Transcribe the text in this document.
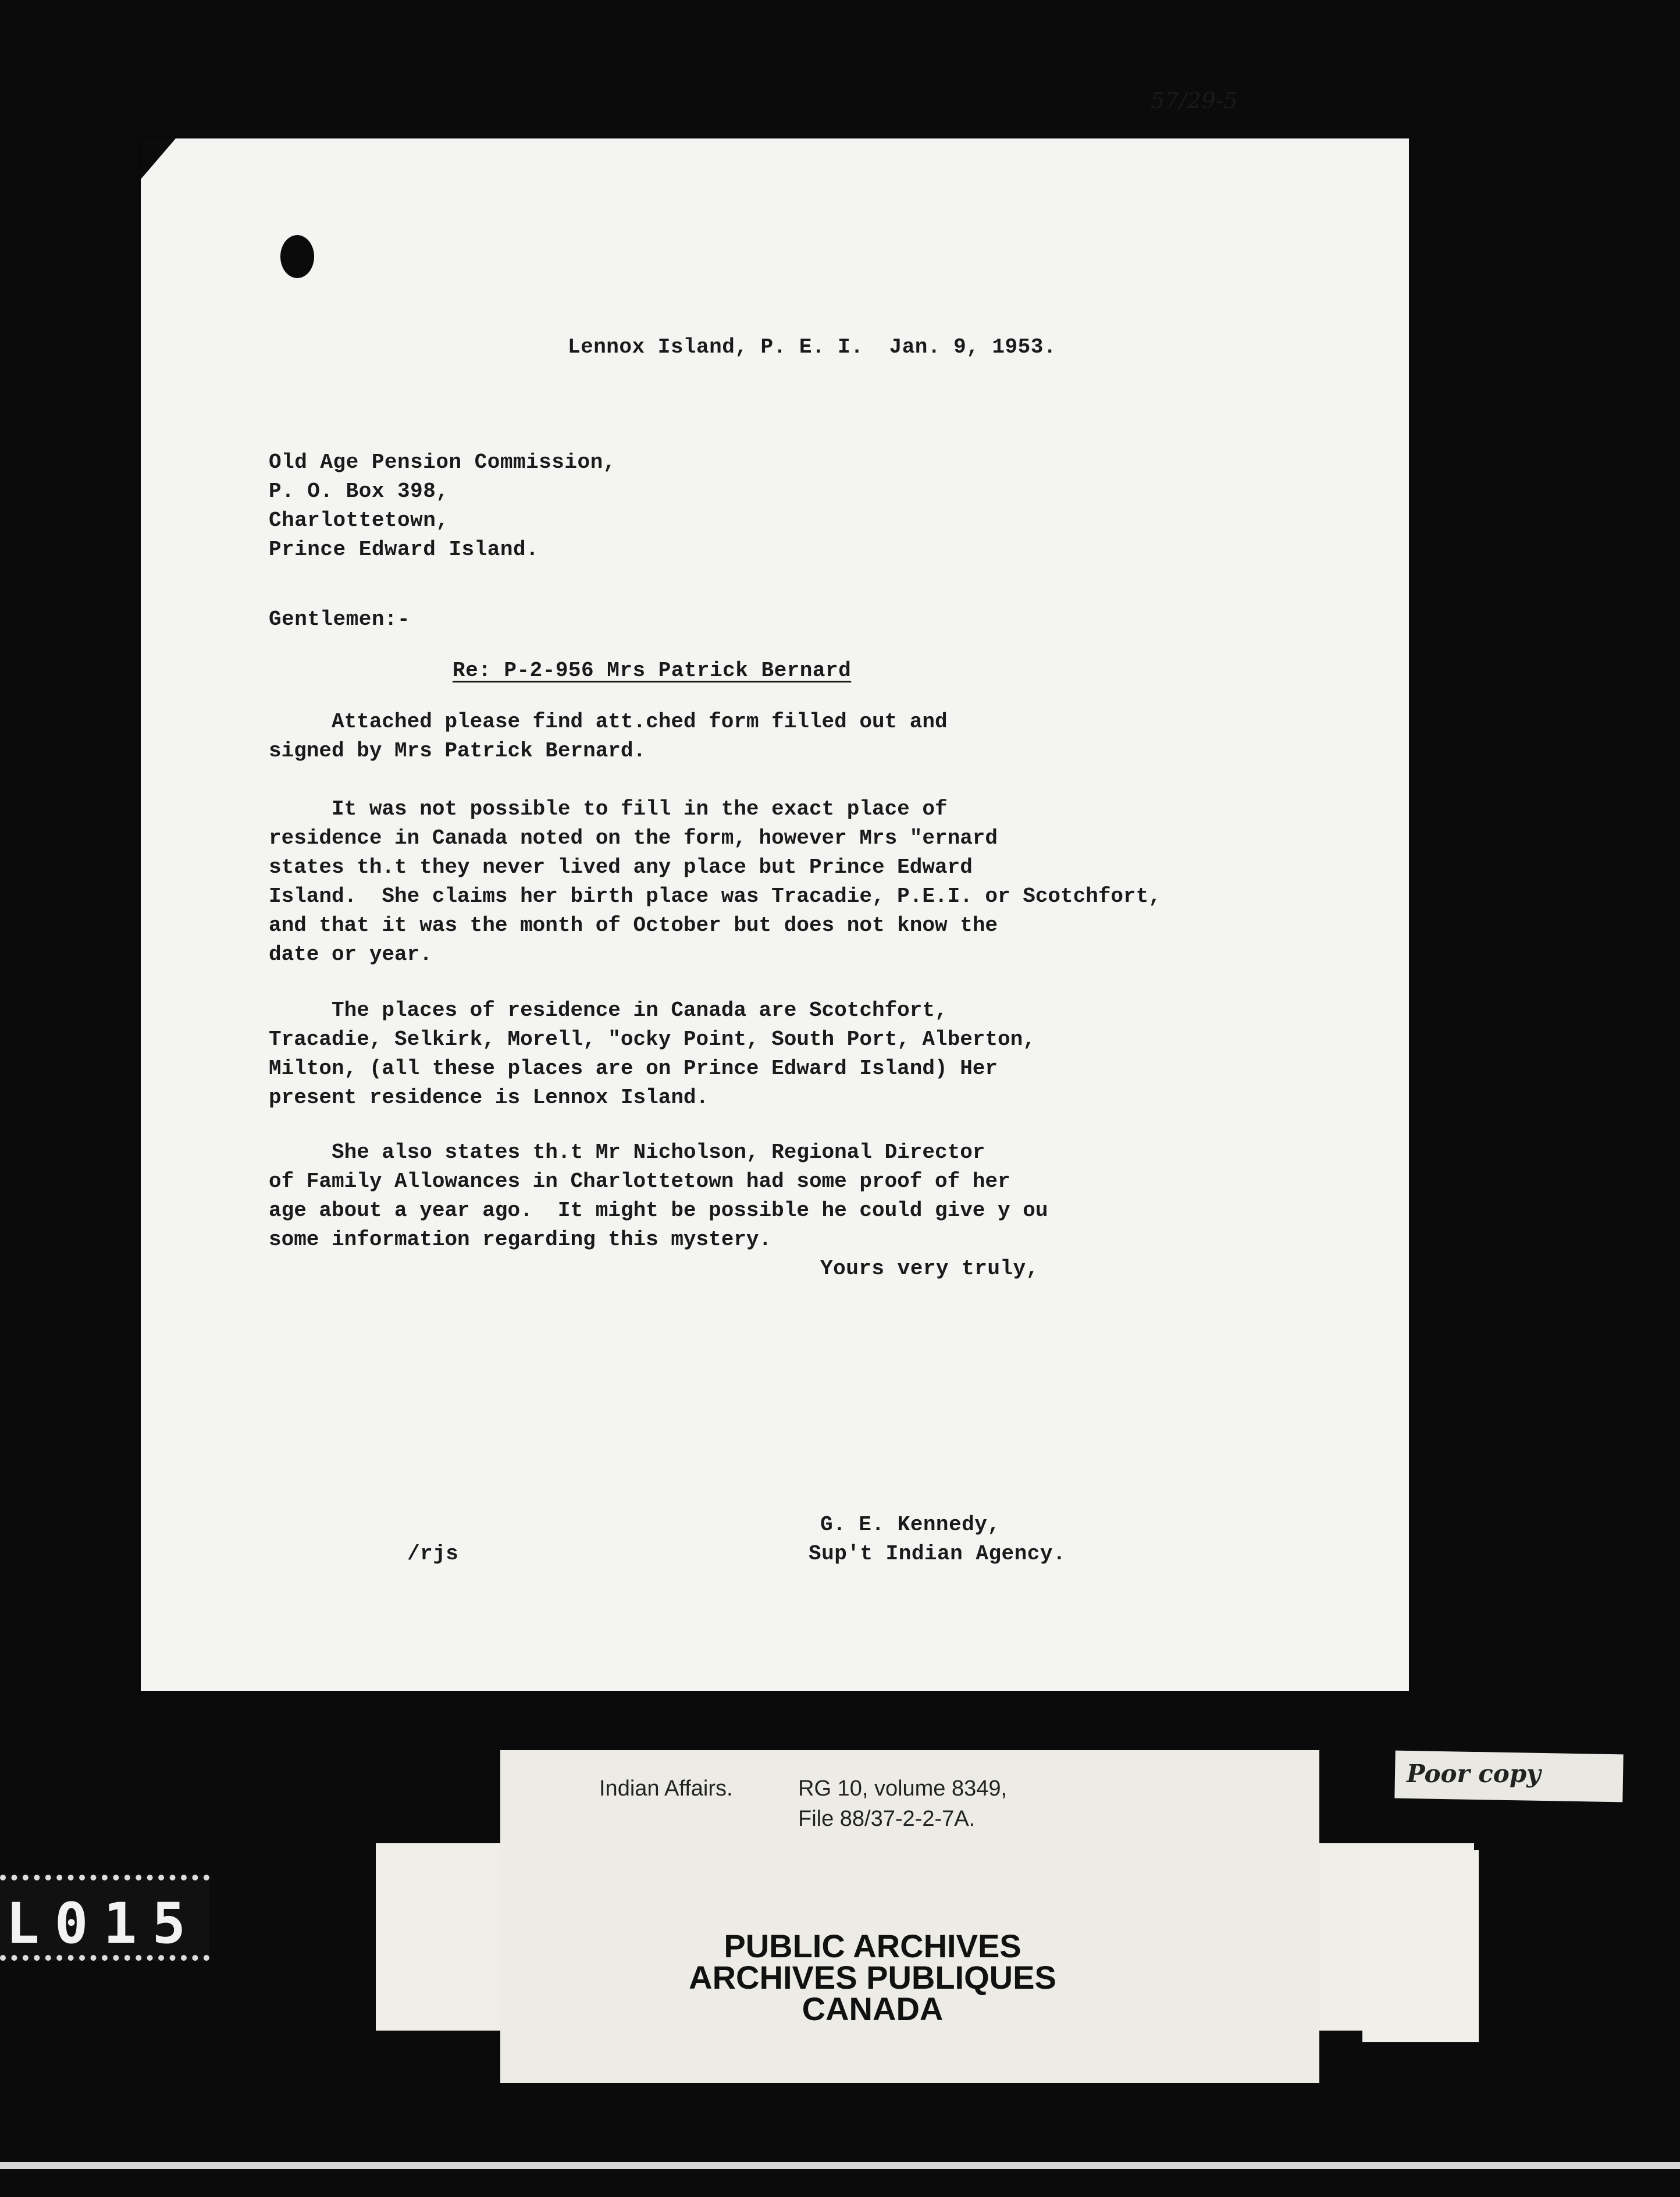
57/29-5
Lennox Island, P. E. I.  Jan. 9, 1953.
Old Age Pension Commission,
P. O. Box 398,
Charlottetown,
Prince Edward Island.
Gentlemen:-
Re: P-2-956 Mrs Patrick Bernard
Attached please find att.ched form filled out and
signed by Mrs Patrick Bernard.
It was not possible to fill in the exact place of
residence in Canada noted on the form, however Mrs "ernard
states th.t they never lived any place but Prince Edward
Island.  She claims her birth place was Tracadie, P.E.I. or Scotchfort,
and that it was the month of October but does not know the
date or year.
The places of residence in Canada are Scotchfort,
Tracadie, Selkirk, Morell, "ocky Point, South Port, Alberton,
Milton, (all these places are on Prince Edward Island) Her
present residence is Lennox Island.
She also states th.t Mr Nicholson, Regional Director
of Family Allowances in Charlottetown had some proof of her
age about a year ago.  It might be possible he could give y ou
some information regarding this mystery.
Yours very truly,
/rjs
G. E. Kennedy,
Sup't Indian Agency.
Indian Affairs.	RG 10, volume 8349,
File 88/37-2-2-7A.
PUBLIC ARCHIVES
ARCHIVES PUBLIQUES
CANADA
Poor copy
L015
